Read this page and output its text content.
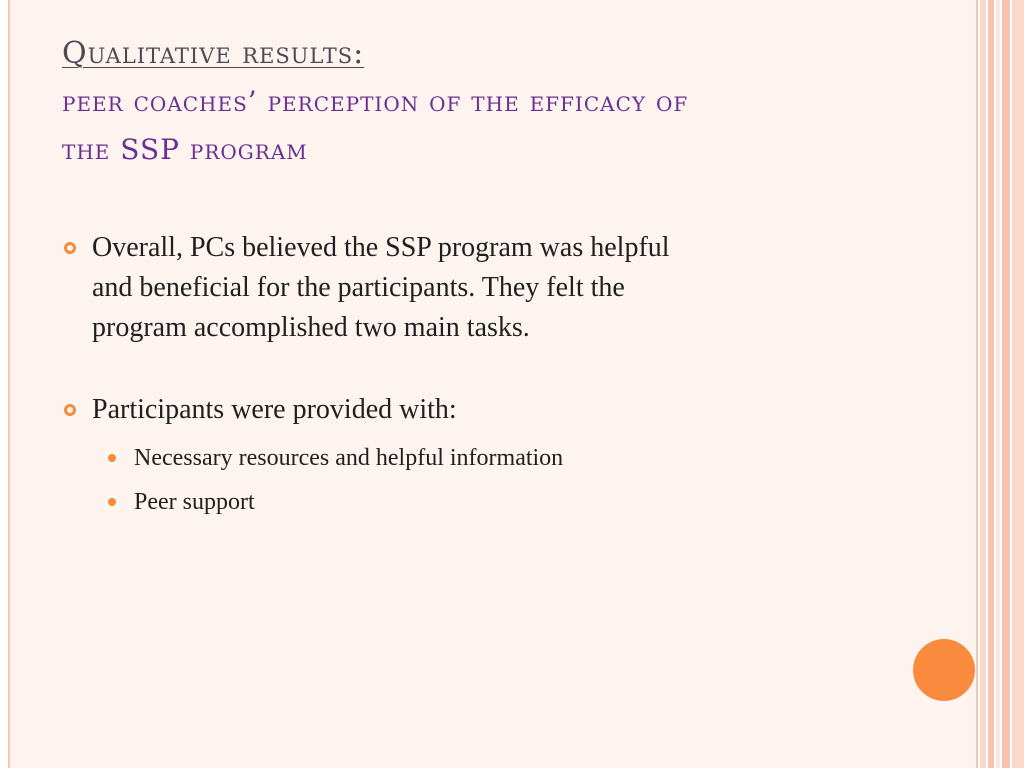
Qualitative results:
peer coaches’ perception of the efficacy of
the SSP program
Overall, PCs believed the SSP program was helpful
and beneficial for the participants. They felt the
program accomplished two main tasks.
Participants were provided with:
Necessary resources and helpful information
Peer support
